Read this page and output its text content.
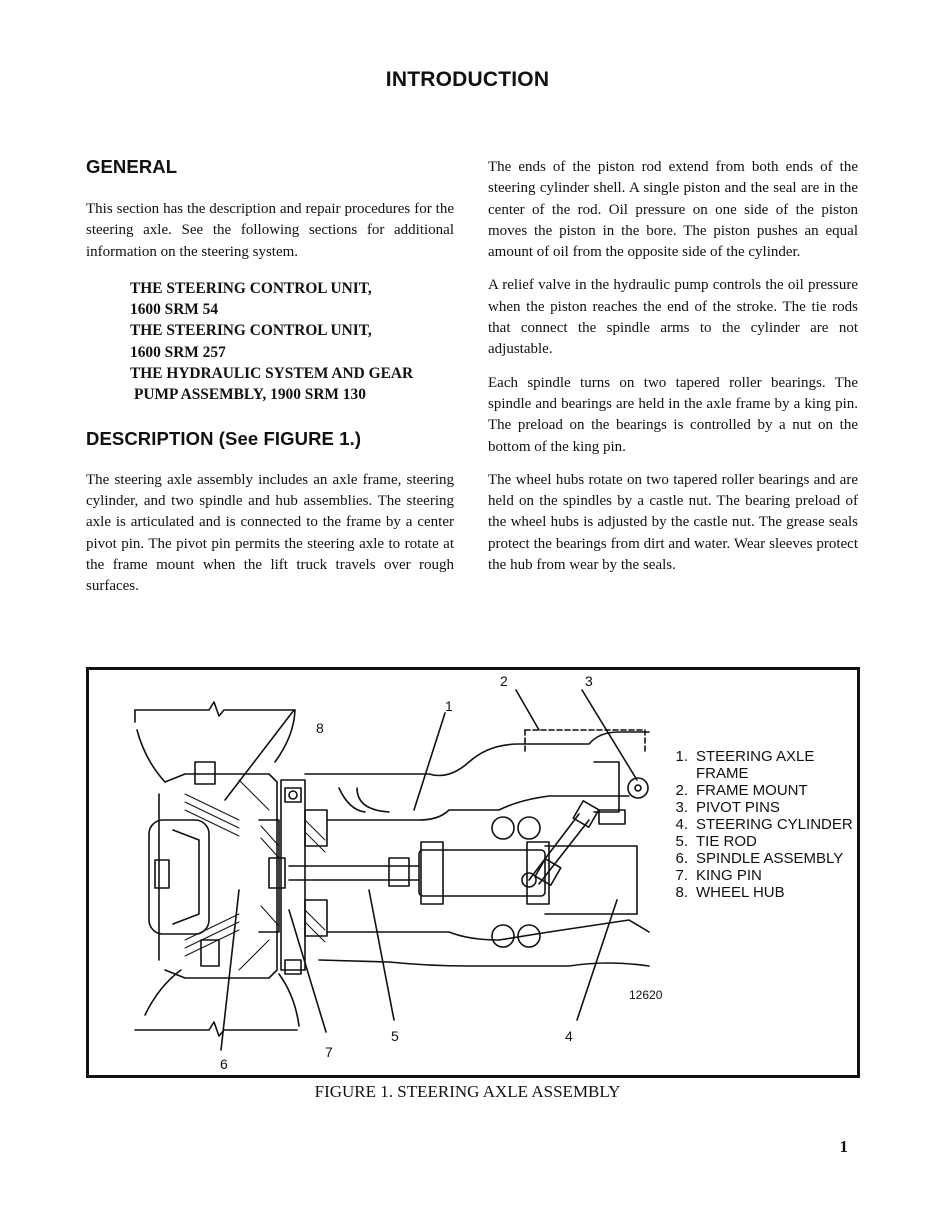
INTRODUCTION
GENERAL

This section has the description and repair procedures for the steering axle. See the following sections for additional information on the steering system.

THE STEERING CONTROL UNIT,
1600 SRM 54
THE STEERING CONTROL UNIT,
1600 SRM 257
THE HYDRAULIC SYSTEM AND GEAR
PUMP ASSEMBLY, 1900 SRM 130
DESCRIPTION (See FIGURE 1.)

The steering axle assembly includes an axle frame, steering cylinder, and two spindle and hub assemblies. The steering axle is articulated and is connected to the frame by a center pivot pin. The pivot pin permits the steering axle to rotate at the frame mount when the lift truck travels over rough surfaces.

The ends of the piston rod extend from both ends of the steering cylinder shell. A single piston and the seal are in the center of the rod. Oil pressure on one side of the piston moves the piston in the bore. The piston pushes an equal amount of oil from the opposite side of the cylinder.

A relief valve in the hydraulic pump controls the oil pressure when the piston reaches the end of the stroke. The tie rods that connect the spindle arms to the cylinder are not adjustable.

Each spindle turns on two tapered roller bearings. The spindle and bearings are held in the axle frame by a king pin. The preload on the bearings is controlled by a nut on the bottom of the king pin.

The wheel hubs rotate on two tapered roller bearings and are held on the spindles by a castle nut. The bearing preload of the wheel hubs is adjusted by the castle nut. The grease seals protect the bearings from dirt and water. Wear sleeves protect the hub from wear by the seals.

1
2	3
4
5
6
7
8
12620
1. STEERING AXLE
FRAME
2. FRAME MOUNT
3. PIVOT PINS
4. STEERING CYLINDER
5. TIE ROD
6. SPINDLE ASSEMBLY
7. KING PIN
8. WHEEL HUB
FIGURE 1. STEERING AXLE ASSEMBLY
1
